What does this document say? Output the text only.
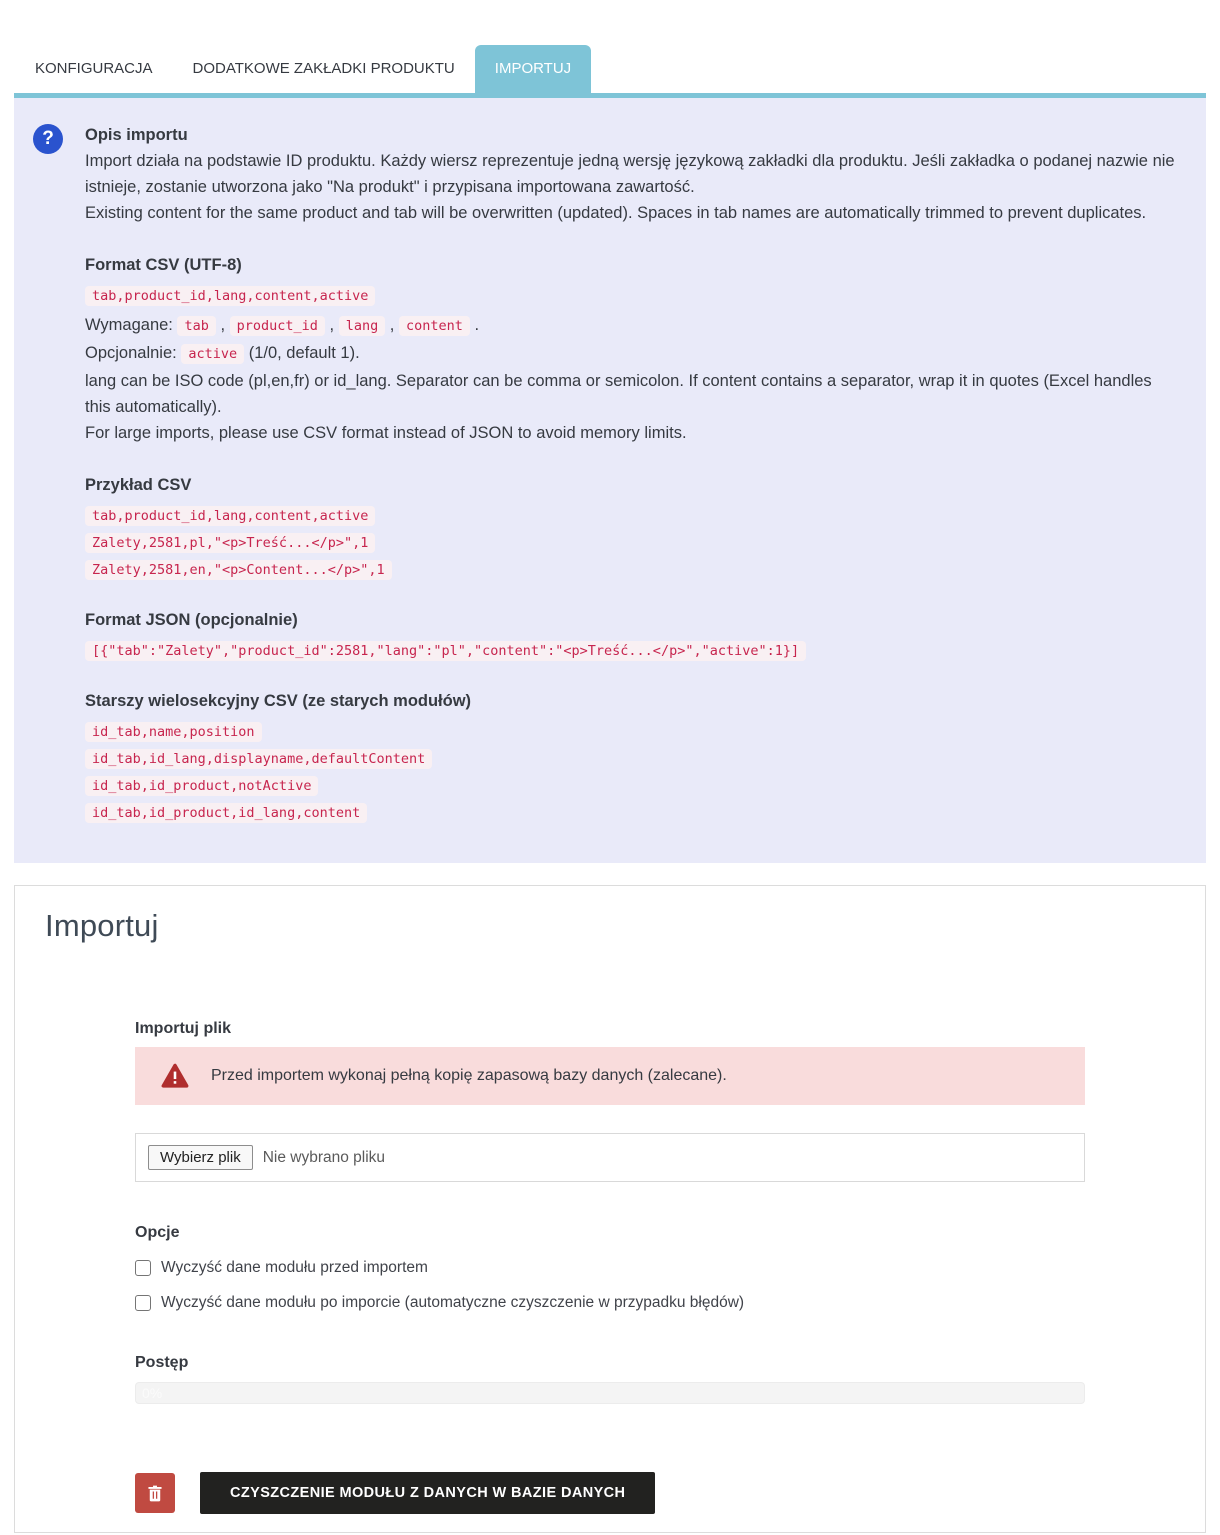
KONFIGURACJA	DODATKOWE ZAKŁADKI PRODUKTU	IMPORTUJ
?	Opis importu
Import działa na podstawie ID produktu. Każdy wiersz reprezentuje jedną wersję językową zakładki dla produktu. Jeśli zakładka o podanej nazwie nie istnieje, zostanie utworzona jako "Na produkt" i przypisana importowana zawartość.
Existing content for the same product and tab will be overwritten (updated). Spaces in tab names are automatically trimmed to prevent duplicates.
Format CSV (UTF-8)
tab,product_id,lang,content,active
Wymagane: tab , product_id , lang , content .
Opcjonalnie: active (1/0, default 1).
lang can be ISO code (pl,en,fr) or id_lang. Separator can be comma or semicolon. If content contains a separator, wrap it in quotes (Excel handles this automatically).
For large imports, please use CSV format instead of JSON to avoid memory limits.
Przykład CSV
tab,product_id,lang,content,active
Zalety,2581,pl,"<p>Treść...</p>",1
Zalety,2581,en,"<p>Content...</p>",1
Format JSON (opcjonalnie)
[{"tab":"Zalety","product_id":2581,"lang":"pl","content":"<p>Treść...</p>","active":1}]
Starszy wielosekcyjny CSV (ze starych modułów)
id_tab,name,position
id_tab,id_lang,displayname,defaultContent
id_tab,id_product,notActive
id_tab,id_product,id_lang,content
Importuj
Importuj plik
Przed importem wykonaj pełną kopię zapasową bazy danych (zalecane).
Wybierz plik	Nie wybrano pliku
Opcje
Wyczyść dane modułu przed importem
Wyczyść dane modułu po imporcie (automatyczne czyszczenie w przypadku błędów)
Postęp
0%
CZYSZCZENIE MODUŁU Z DANYCH W BAZIE DANYCH
